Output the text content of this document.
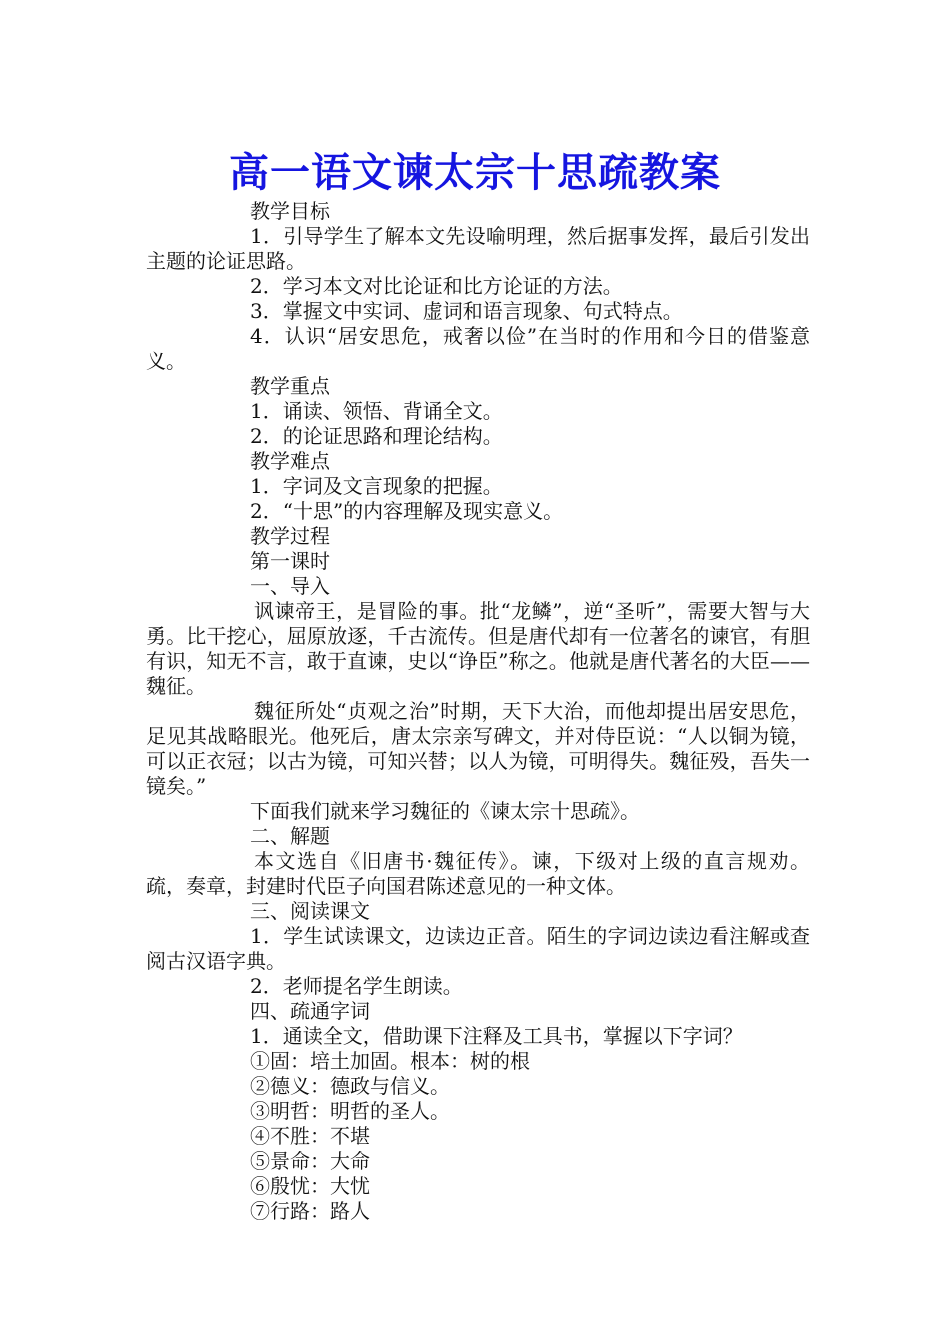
高一语文谏太宗十思疏教案

教学目标

1．引导学生了解本文先设喻明理，然后据事发挥，最后引发出主题的论证思路。

2．学习本文对比论证和比方论证的方法。

3．掌握文中实词、虚词和语言现象、句式特点。

4．认识“居安思危，戒奢以俭”在当时的作用和今日的借鉴意义。

教学重点

1．诵读、领悟、背诵全文。

2．的论证思路和理论结构。

教学难点

1．字词及文言现象的把握。

2．“十思”的内容理解及现实意义。

教学过程

第一课时

一、导入

讽谏帝王，是冒险的事。批“龙鳞”，逆“圣听”，需要大智与大勇。比干挖心，屈原放逐，千古流传。但是唐代却有一位著名的谏官，有胆有识，知无不言，敢于直谏，史以“诤臣”称之。他就是唐代著名的大臣——魏征。

魏征所处“贞观之治”时期，天下大治，而他却提出居安思危，足见其战略眼光。他死后，唐太宗亲写碑文，并对侍臣说：“人以铜为镜，可以正衣冠；以古为镜，可知兴替；以人为镜，可明得失。魏征殁，吾失一镜矣。”

下面我们就来学习魏征的《谏太宗十思疏》。

二、解题

本文选自《旧唐书·魏征传》。谏，下级对上级的直言规劝。疏，奏章，封建时代臣子向国君陈述意见的一种文体。

三、阅读课文

1．学生试读课文，边读边正音。陌生的字词边读边看注解或查阅古汉语字典。

2．老师提名学生朗读。

四、疏通字词

1．通读全文，借助课下注释及工具书，掌握以下字词？

①固：培土加固。根本：树的根

②德义：德政与信义。

③明哲：明哲的圣人。

④不胜：不堪

⑤景命：大命

⑥殷忧：大忧

⑦行路：路人
